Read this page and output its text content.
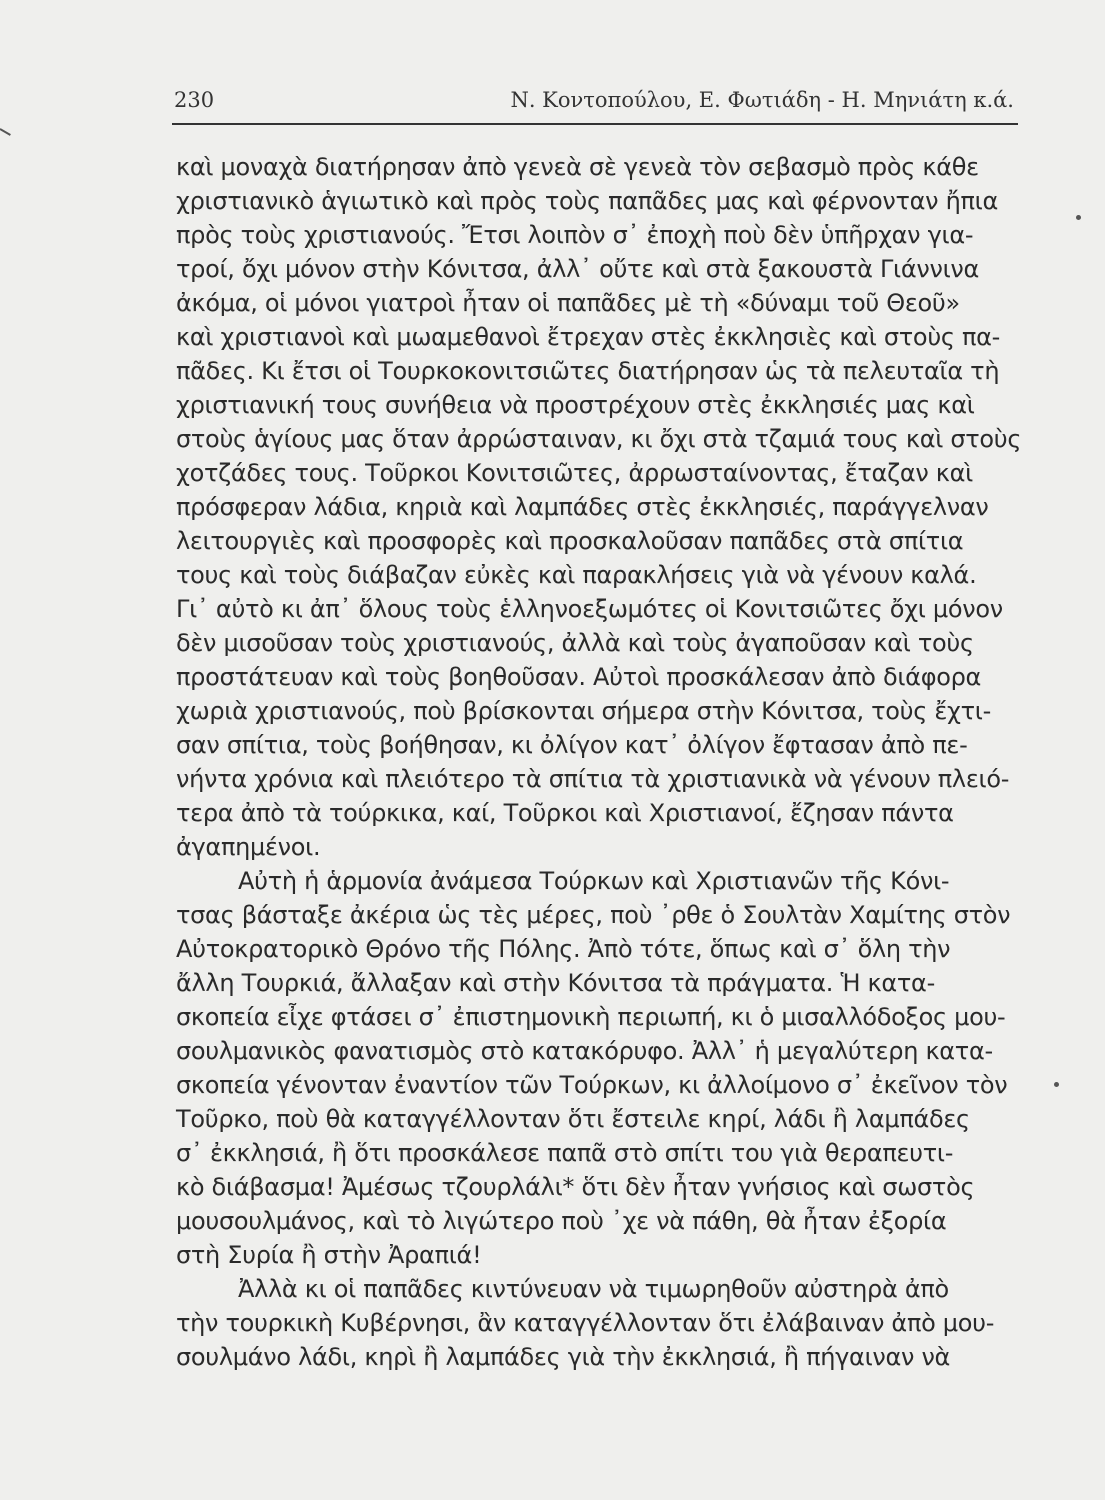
230	Ν. Κοντοπούλου, Ε. Φωτιάδη - Η. Μηνιάτη κ.ά.
καὶ μοναχὰ διατήρησαν ἀπὸ γενεὰ σὲ γενεὰ τὸν σεβασμὸ πρὸς κάθε
χριστιανικὸ ἁγιωτικὸ καὶ πρὸς τοὺς παπᾶδες μας καὶ φέρνονταν ἤπια
πρὸς τοὺς χριστιανούς. Ἔτσι λοιπὸν σ᾽ ἐποχὴ ποὺ δὲν ὑπῆρχαν για-
τροί, ὄχι μόνον στὴν Κόνιτσα, ἀλλ᾽ οὔτε καὶ στὰ ξακουστὰ Γιάννινα
ἀκόμα, οἱ μόνοι γιατροὶ ἦταν οἱ παπᾶδες μὲ τὴ «δύναμι τοῦ Θεοῦ»
καὶ χριστιανοὶ καὶ μωαμεθανοὶ ἔτρεχαν στὲς ἐκκλησιὲς καὶ στοὺς πα-
πᾶδες. Κι ἔτσι οἱ Τουρκοκονιτσιῶτες διατήρησαν ὡς τὰ πελευταῖα τὴ
χριστιανική τους συνήθεια νὰ προστρέχουν στὲς ἐκκλησιές μας καὶ
στοὺς ἁγίους μας ὅταν ἀρρώσταιναν, κι ὄχι στὰ τζαμιά τους καὶ στοὺς
χοτζάδες τους. Τοῦρκοι Κονιτσιῶτες, ἀρρωσταίνοντας, ἔταζαν καὶ
πρόσφεραν λάδια, κηριὰ καὶ λαμπάδες στὲς ἐκκλησιές, παράγγελναν
λειτουργιὲς καὶ προσφορὲς καὶ προσκαλοῦσαν παπᾶδες στὰ σπίτια
τους καὶ τοὺς διάβαζαν εὐκὲς καὶ παρακλήσεις γιὰ νὰ γένουν καλά.
Γι᾽ αὐτὸ κι ἀπ᾽ ὅλους τοὺς ἑλληνοεξωμότες οἱ Κονιτσιῶτες ὄχι μόνον
δὲν μισοῦσαν τοὺς χριστιανούς, ἀλλὰ καὶ τοὺς ἀγαποῦσαν καὶ τοὺς
προστάτευαν καὶ τοὺς βοηθοῦσαν. Αὐτοὶ προσκάλεσαν ἀπὸ διάφορα
χωριὰ χριστιανούς, ποὺ βρίσκονται σήμερα στὴν Κόνιτσα, τοὺς ἔχτι-
σαν σπίτια, τοὺς βοήθησαν, κι ὀλίγον κατ᾽ ὀλίγον ἔφτασαν ἀπὸ πε-
νήντα χρόνια καὶ πλειότερο τὰ σπίτια τὰ χριστιανικὰ νὰ γένουν πλειό-
τερα ἀπὸ τὰ τούρκικα, καί, Τοῦρκοι καὶ Χριστιανοί, ἔζησαν πάντα
ἀγαπημένοι.
Αὐτὴ ἡ ἁρμονία ἀνάμεσα Τούρκων καὶ Χριστιανῶν τῆς Κόνι-
τσας βάσταξε ἀκέρια ὡς τὲς μέρες, ποὺ ᾽ρθε ὁ Σουλτὰν Χαμίτης στὸν
Αὐτοκρατορικὸ Θρόνο τῆς Πόλης. Ἀπὸ τότε, ὅπως καὶ σ᾽ ὅλη τὴν
ἄλλη Τουρκιά, ἄλλαξαν καὶ στὴν Κόνιτσα τὰ πράγματα. Ἡ κατα-
σκοπεία εἶχε φτάσει σ᾽ ἐπιστημονικὴ περιωπή, κι ὁ μισαλλόδοξος μου-
σουλμανικὸς φανατισμὸς στὸ κατακόρυφο. Ἀλλ᾽ ἡ μεγαλύτερη κατα-
σκοπεία γένονταν ἐναντίον τῶν Τούρκων, κι ἀλλοίμονο σ᾽ ἐκεῖνον τὸν
Τοῦρκο, ποὺ θὰ καταγγέλλονταν ὅτι ἔστειλε κηρί, λάδι ἢ λαμπάδες
σ᾽ ἐκκλησιά, ἢ ὅτι προσκάλεσε παπᾶ στὸ σπίτι του γιὰ θεραπευτι-
κὸ διάβασμα! Ἀμέσως τζουρλάλι* ὅτι δὲν ἦταν γνήσιος καὶ σωστὸς
μουσουλμάνος, καὶ τὸ λιγώτερο ποὺ ᾽χε νὰ πάθη, θὰ ἦταν ἐξορία
στὴ Συρία ἢ στὴν Ἀραπιά!
Ἀλλὰ κι οἱ παπᾶδες κιντύνευαν νὰ τιμωρηθοῦν αὐστηρὰ ἀπὸ
τὴν τουρκικὴ Κυβέρνησι, ἂν καταγγέλλονταν ὅτι ἐλάβαιναν ἀπὸ μου-
σουλμάνο λάδι, κηρὶ ἢ λαμπάδες γιὰ τὴν ἐκκλησιά, ἢ πήγαιναν νὰ
